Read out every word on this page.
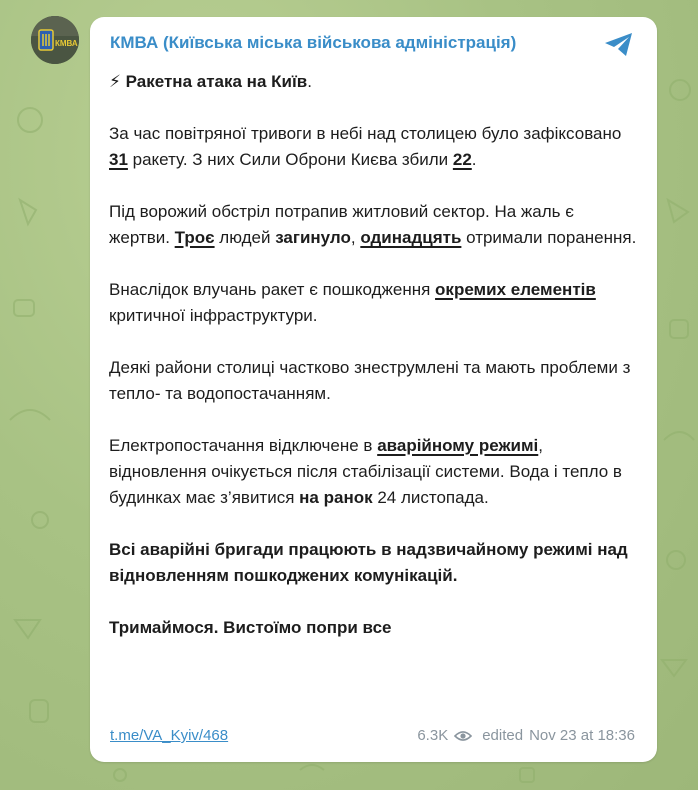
КМВА КМВА (Київська міська військова адміністрація)

⚡ Ракетна атака на Київ.

За час повітряної тривоги в небі над столицею було зафіксовано 31 ракету. З них Сили Оброни Києва збили 22.

Під ворожий обстріл потрапив житловий сектор. На жаль є жертви. Троє людей загинуло, одинадцять отримали поранення.

Внаслідок влучань ракет є пошкодження окремих елементів критичної інфраструктури.

Деякі райони столиці частково знеструмлені та мають проблеми з тепло- та водопостачанням.

Електропостачання відключене в аварійному режимі, відновлення очікується після стабілізації системи. Вода і тепло в будинках має з’явитися на ранок 24 листопада.

Всі аварійні бригади працюють в надзвичайному режимі над відновленням пошкоджених комунікацій.

Тримаймося. Вистоїмо попри все

t.me/VA_Kyiv/468	6.3K edited Nov 23 at 18:36
